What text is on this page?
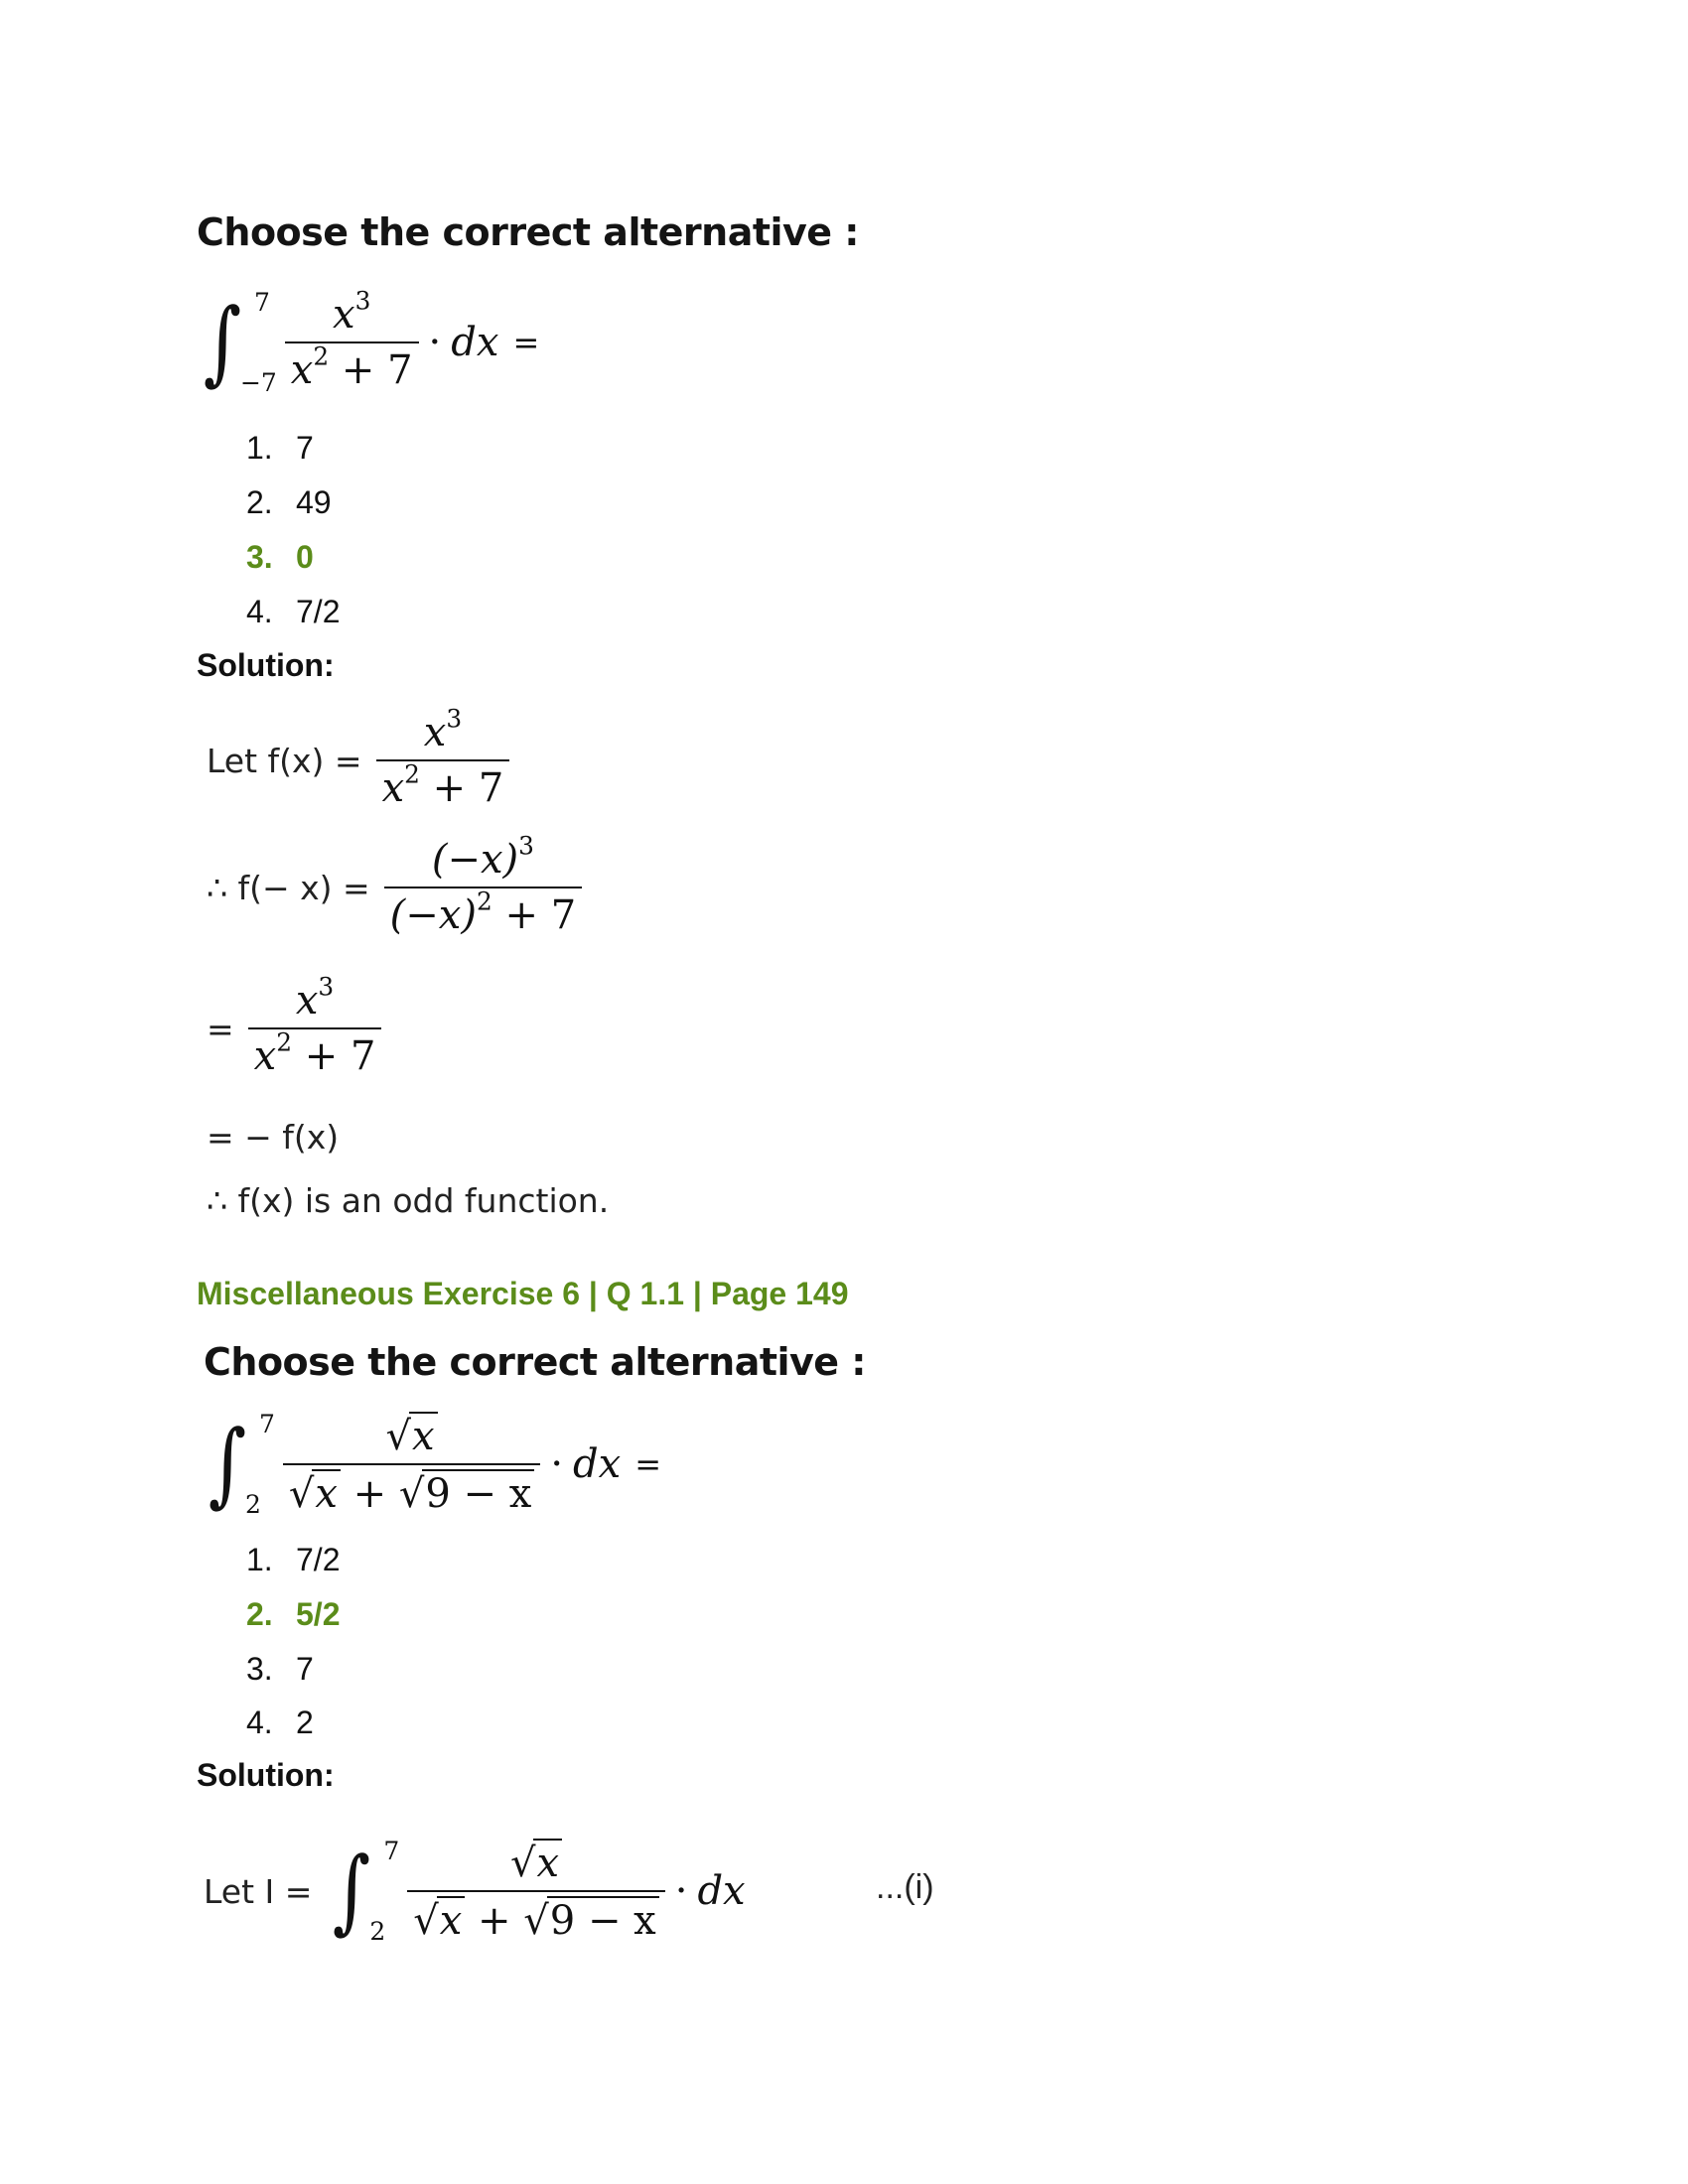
Choose the correct alternative :
∫ 7
$-7 \frac{x^3}{x^2 + 7}$ · dx =
1. 7
2. 49
3. 0
4. 7/2
Solution:
Let $f(x) = \frac{x^3}{x^2 + 7}$
∴ $f(- x) = \frac{(-x)^3}{(-x)^2 + 7}$
= $\frac{x^3}{x^2 + 7}$
= − f(x)
∴ f(x) is an odd function.
Miscellaneous Exercise 6 | Q 1.1 | Page 149
Choose the correct alternative :
∫ 7
$2 \frac{√ x}{√ x + √ 9 - x}$ · dx =
1. 7/2
2. 5/2
3. 7
4. 2
Solution:
Let I = ∫ 7
$2 \frac{√ x}{√ x + √ 9 - x}$ · dx	...(i)
